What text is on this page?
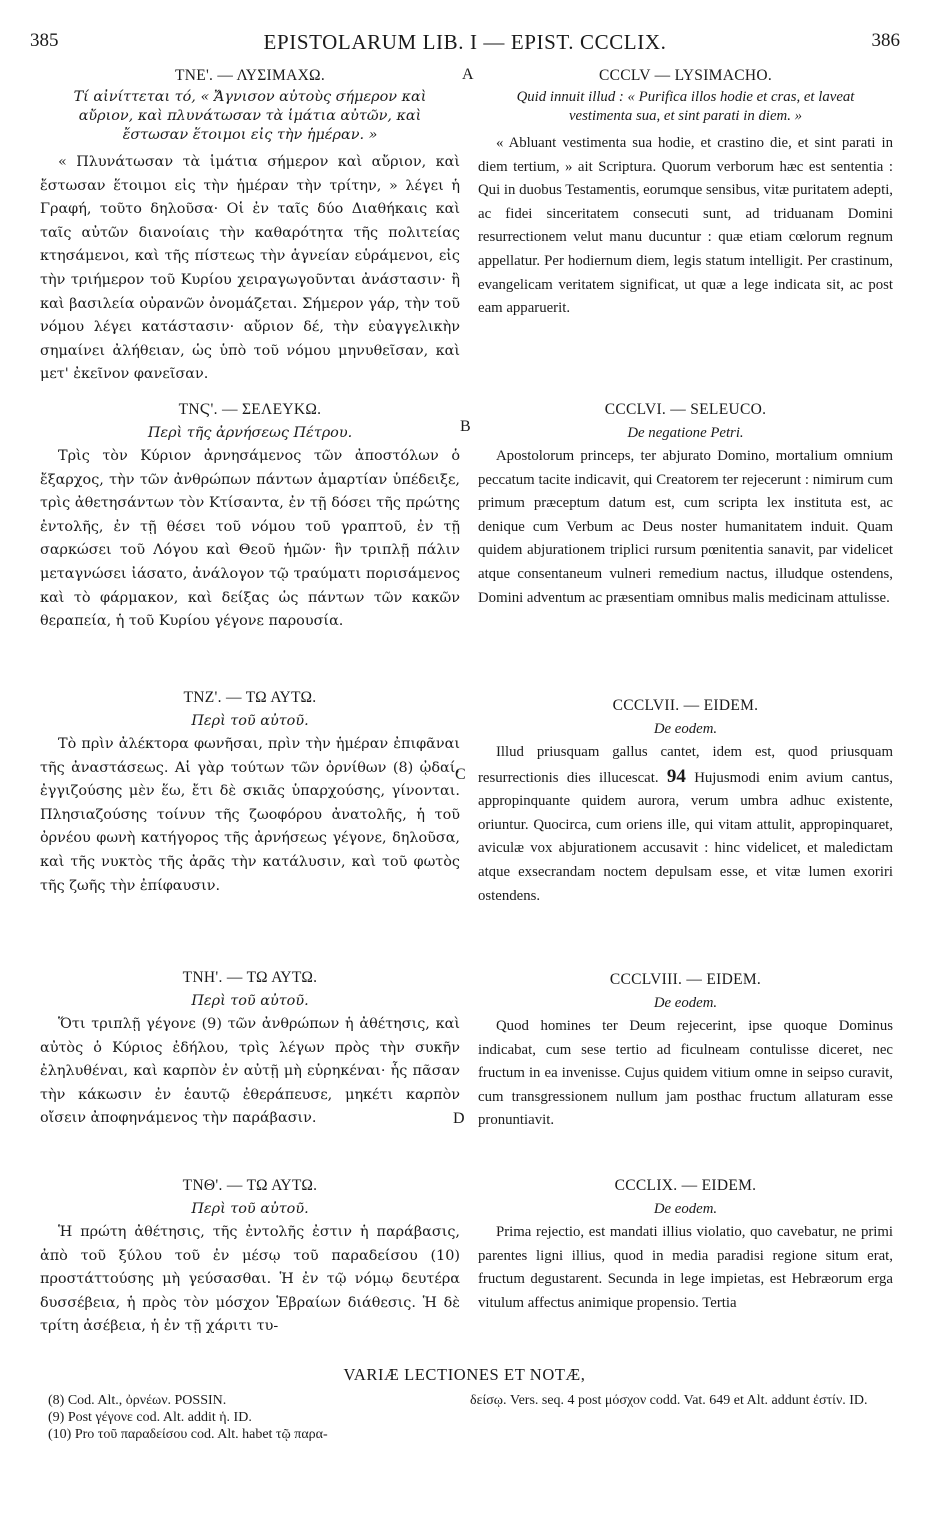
385	EPISTOLARUM LIB. I — EPIST. CCCLIX.	386
A
B
C
D
ΤΝΕ'. — ΛΥΣΙΜΑΧΩ.

Τί αἰνίττεται τό, « Ἄγνισον αὐτοὺς σήμερον καὶ αὔριον, καὶ πλυνάτωσαν τὰ ἱμάτια αὐτῶν, καὶ ἔστωσαν ἕτοιμοι εἰς τὴν ἡμέραν. »

« Πλυνάτωσαν τὰ ἱμάτια σήμερον καὶ αὔριον, καὶ ἔστωσαν ἕτοιμοι εἰς τὴν ἡμέραν τὴν τρίτην, » λέγει ἡ Γραφή, τοῦτο δηλοῦσα· Οἱ ἐν ταῖς δύο Διαθήκαις καὶ ταῖς αὐτῶν διανοίαις τὴν καθαρότητα τῆς πολιτείας κτησάμενοι, καὶ τῆς πίστεως τὴν ἁγνείαν εὑράμενοι, εἰς τὴν τριήμερον τοῦ Κυρίου χειραγωγοῦνται ἀνάστασιν· ἢ καὶ βασιλεία οὐρανῶν ὀνομάζεται. Σήμερον γάρ, τὴν τοῦ νόμου λέγει κατάστασιν· αὔριον δέ, τὴν εὐαγγελικὴν σημαίνει ἀλήθειαν, ὡς ὑπὸ τοῦ νόμου μηνυθεῖσαν, καὶ μετ' ἐκεῖνον φανεῖσαν.

ΤΝϚ'. — ΣΕΛΕΥΚΩ.
Περὶ τῆς ἀρνήσεως Πέτρου.

Τρὶς τὸν Κύριον ἀρνησάμενος τῶν ἀποστόλων ὁ ἔξαρχος, τὴν τῶν ἀνθρώπων πάντων ἁμαρτίαν ὑπέδειξε, τρὶς ἀθετησάντων τὸν Κτίσαντα, ἐν τῇ δόσει τῆς πρώτης ἐντολῆς, ἐν τῇ θέσει τοῦ νόμου τοῦ γραπτοῦ, ἐν τῇ σαρκώσει τοῦ Λόγου καὶ Θεοῦ ἡμῶν· ἣν τριπλῇ πάλιν μεταγνώσει ἰάσατο, ἀνάλογον τῷ τραύματι πορισάμενος καὶ τὸ φάρμακον, καὶ δείξας ὡς πάντων τῶν κακῶν θεραπεία, ἡ τοῦ Κυρίου γέγονε παρουσία.

ΤΝΖ'. — ΤΩ ΑΥΤΩ.
Περὶ τοῦ αὐτοῦ.

Τὸ πρὶν ἀλέκτορα φωνῆσαι, πρὶν τὴν ἡμέραν ἐπιφᾶναι τῆς ἀναστάσεως. Αἱ γὰρ τούτων τῶν ὀρνίθων (8) ᾠδαί, ἐγγιζούσης μὲν ἕω, ἔτι δὲ σκιᾶς ὑπαρχούσης, γίνονται. Πλησιαζούσης τοίνυν τῆς ζωοφόρου ἀνατολῆς, ἡ τοῦ ὀρνέου φωνὴ κατήγορος τῆς ἀρνήσεως γέγονε, δηλοῦσα, καὶ τῆς νυκτὸς τῆς ἀρᾶς τὴν κατάλυσιν, καὶ τοῦ φωτὸς τῆς ζωῆς τὴν ἐπίφαυσιν.

ΤΝΗ'. — ΤΩ ΑΥΤΩ.
Περὶ τοῦ αὐτοῦ.

Ὅτι τριπλῇ γέγονε (9) τῶν ἀνθρώπων ἡ ἀθέτησις, καὶ αὐτὸς ὁ Κύριος ἐδήλου, τρὶς λέγων πρὸς τὴν συκῆν ἐληλυθέναι, καὶ καρπὸν ἐν αὐτῇ μὴ εὑρηκέναι· ἧς πᾶσαν τὴν κάκωσιν ἐν ἑαυτῷ ἐθεράπευσε, μηκέτι καρπὸν οἴσειν ἀποφηνάμενος τὴν παράβασιν.

ΤΝΘ'. — ΤΩ ΑΥΤΩ.
Περὶ τοῦ αὐτοῦ.

Ἡ πρώτη ἀθέτησις, τῆς ἐντολῆς ἐστιν ἡ παράβασις, ἀπὸ τοῦ ξύλου τοῦ ἐν μέσῳ τοῦ παραδείσου (10) προστάττούσης μὴ γεύσασθαι. Ἡ ἐν τῷ νόμῳ δευτέρα δυσσέβεια, ἡ πρὸς τὸν μόσχον Ἑβραίων διάθεσις. Ἡ δὲ τρίτη ἀσέβεια, ἡ ἐν τῇ χάριτι τυ-

CCCLV — LYSIMACHO.

Quid innuit illud : « Purifica illos hodie et cras, et laveat vestimenta sua, et sint parati in diem. »

« Abluant vestimenta sua hodie, et crastino die, et sint parati in diem tertium, » ait Scriptura. Quorum verborum hæc est sententia : Qui in duobus Testamentis, eorumque sensibus, vitæ puritatem adepti, ac fidei sinceritatem consecuti sunt, ad triduanam Domini resurrectionem velut manu ducuntur : quæ etiam cœlorum regnum appellatur. Per hodiernum diem, legis statum intelligit. Per crastinum, evangelicam veritatem significat, ut quæ a lege indicata sit, ac post eam apparuerit.

CCCLVI. — SELEUCO.
De negatione Petri.

Apostolorum princeps, ter abjurato Domino, mortalium omnium peccatum tacite indicavit, qui Creatorem ter rejecerunt : nimirum cum primum præceptum datum est, cum scripta lex instituta est, ac denique cum Verbum ac Deus noster humanitatem induit. Quam quidem abjurationem triplici rursum pœnitentia sanavit, par videlicet atque consentaneum vulneri remedium nactus, illudque ostendens, Domini adventum ac præsentiam omnibus malis medicinam attulisse.

CCCLVII. — EIDEM.
De eodem.

Illud priusquam gallus cantet, idem est, quod priusquam resurrectionis dies illucescat. 94 Hujusmodi enim avium cantus, appropinquante quidem aurora, verum umbra adhuc existente, oriuntur. Quocirca, cum oriens ille, qui vitam attulit, appropinquaret, aviculæ vox abjurationem accusavit : hinc videlicet, et maledictam atque exsecrandam noctem depulsam esse, et vitæ lumen exoriri ostendens.

CCCLVIII. — EIDEM.
De eodem.

Quod homines ter Deum rejecerint, ipse quoque Dominus indicabat, cum sese tertio ad ficulneam contulisse diceret, nec fructum in ea invenisse. Cujus quidem vitium omne in seipso curavit, cum transgressionem nullum jam posthac fructum allaturam esse pronuntiavit.

CCCLIX. — EIDEM.
De eodem.

Prima rejectio, est mandati illius violatio, quo cavebatur, ne primi parentes ligni illius, quod in media paradisi regione situm erat, fructum degustarent. Secunda in lege impietas, est Hebræorum erga vitulum affectus animique propensio. Tertia

VARIÆ LECTIONES ET NOTÆ,

(8) Cod. Alt., ὀρνέων. POSSIN.

(9) Post γέγονε cod. Alt. addit ἡ. ID.

(10) Pro τοῦ παραδείσου cod. Alt. habet τῷ παρα-

δείσῳ. Vers. seq. 4 post μόσχον codd. Vat. 649 et Alt. addunt ἐστίν. ID.
